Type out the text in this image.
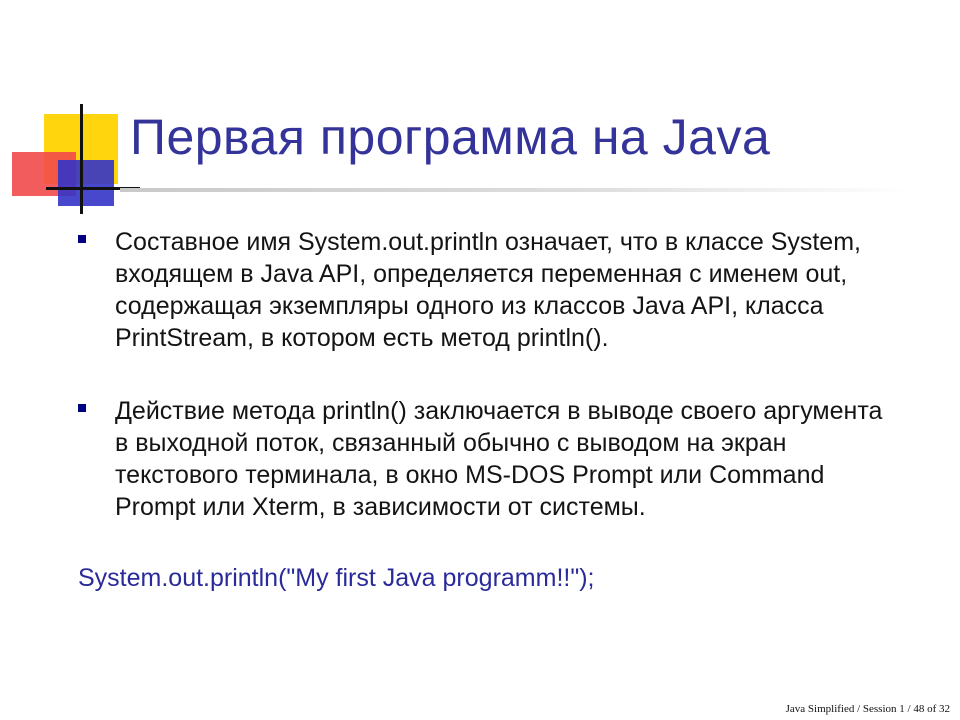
Первая программа на Java
Составное имя System.out.println означает, что в классе System, входящем в Java API, определяется переменная с именем out, содержащая экземпляры одного из классов Java API, класса PrintStream, в котором есть метод println().
Действие метода println() заключается в выводе своего аргумента в выходной поток, связанный обычно с выводом на экран текстового терминала, в окно MS-DOS Prompt или Command Prompt или Xterm, в зависимости от системы.
System.out.println("My first Java programm!!");
Java Simplified / Session 1 / 48 of 32
